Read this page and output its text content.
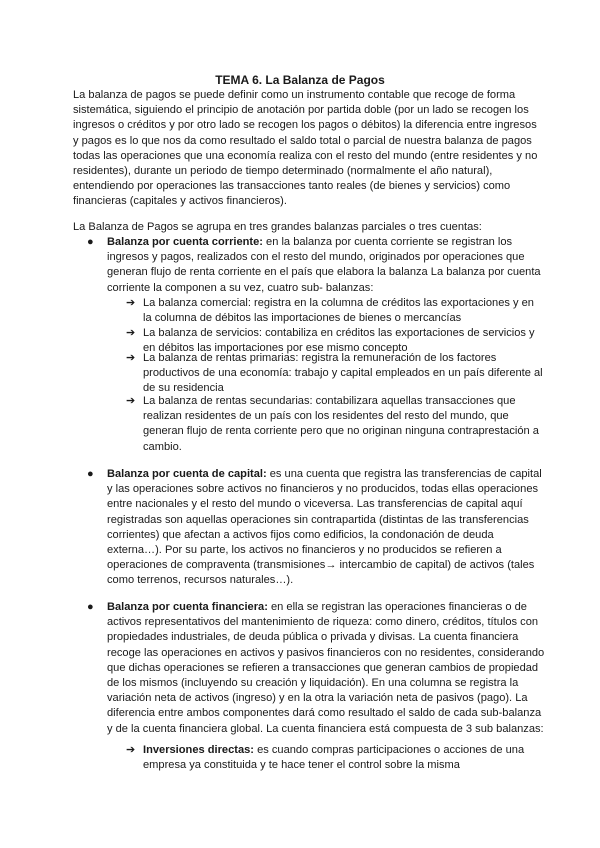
TEMA 6. La Balanza de Pagos

La balanza de pagos se puede definir como un instrumento contable que recoge de forma sistemática, siguiendo el principio de anotación por partida doble (por un lado se recogen los ingresos o créditos y por otro lado se recogen los pagos o débitos) la diferencia entre ingresos y pagos es lo que nos da como resultado el saldo total o parcial de nuestra balanza de pagos todas las operaciones que una economía realiza con el resto del mundo (entre residentes y no residentes), durante un periodo de tiempo determinado (normalmente el año natural), entendiendo por operaciones las transacciones tanto reales (de bienes y servicios) como financieras (capitales y activos financieros).

La Balanza de Pagos se agrupa en tres grandes balanzas parciales o tres cuentas:

● Balanza por cuenta corriente: en la balanza por cuenta corriente se registran los ingresos y pagos, realizados con el resto del mundo, originados por operaciones que generan flujo de renta corriente en el país que elabora la balanza La balanza por cuenta corriente la componen a su vez, cuatro sub- balanzas:

➔ La balanza comercial: registra en la columna de créditos las exportaciones y en la columna de débitos las importaciones de bienes o mercancías

➔ La balanza de servicios: contabiliza en créditos las exportaciones de servicios y en débitos las importaciones por ese mismo concepto

➔ La balanza de rentas primarias: registra la remuneración de los factores productivos de una economía: trabajo y capital empleados en un país diferente al de su residencia

➔ La balanza de rentas secundarias: contabilizara aquellas transacciones que realizan residentes de un país con los residentes del resto del mundo, que generan flujo de renta corriente pero que no originan ninguna contraprestación a cambio.

● Balanza por cuenta de capital: es una cuenta que registra las transferencias de capital y las operaciones sobre activos no financieros y no producidos, todas ellas operaciones entre nacionales y el resto del mundo o viceversa. Las transferencias de capital aquí registradas son aquellas operaciones sin contrapartida (distintas de las transferencias corrientes) que afectan a activos fijos como edificios, la condonación de deuda externa…). Por su parte, los activos no financieros y no producidos se refieren a operaciones de compraventa (transmisiones→ intercambio de capital) de activos (tales como terrenos, recursos naturales…).

● Balanza por cuenta financiera: en ella se registran las operaciones financieras o de activos representativos del mantenimiento de riqueza: como dinero, créditos, títulos con propiedades industriales, de deuda pública o privada y divisas. La cuenta financiera recoge las operaciones en activos y pasivos financieros con no residentes, considerando que dichas operaciones se refieren a transacciones que generan cambios de propiedad de los mismos (incluyendo su creación y liquidación). En una columna se registra la variación neta de activos (ingreso) y en la otra la variación neta de pasivos (pago). La diferencia entre ambos componentes dará como resultado el saldo de cada sub-balanza y de la cuenta financiera global. La cuenta financiera está compuesta de 3 sub balanzas:

➔ Inversiones directas: es cuando compras participaciones o acciones de una empresa ya constituida y te hace tener el control sobre la misma
